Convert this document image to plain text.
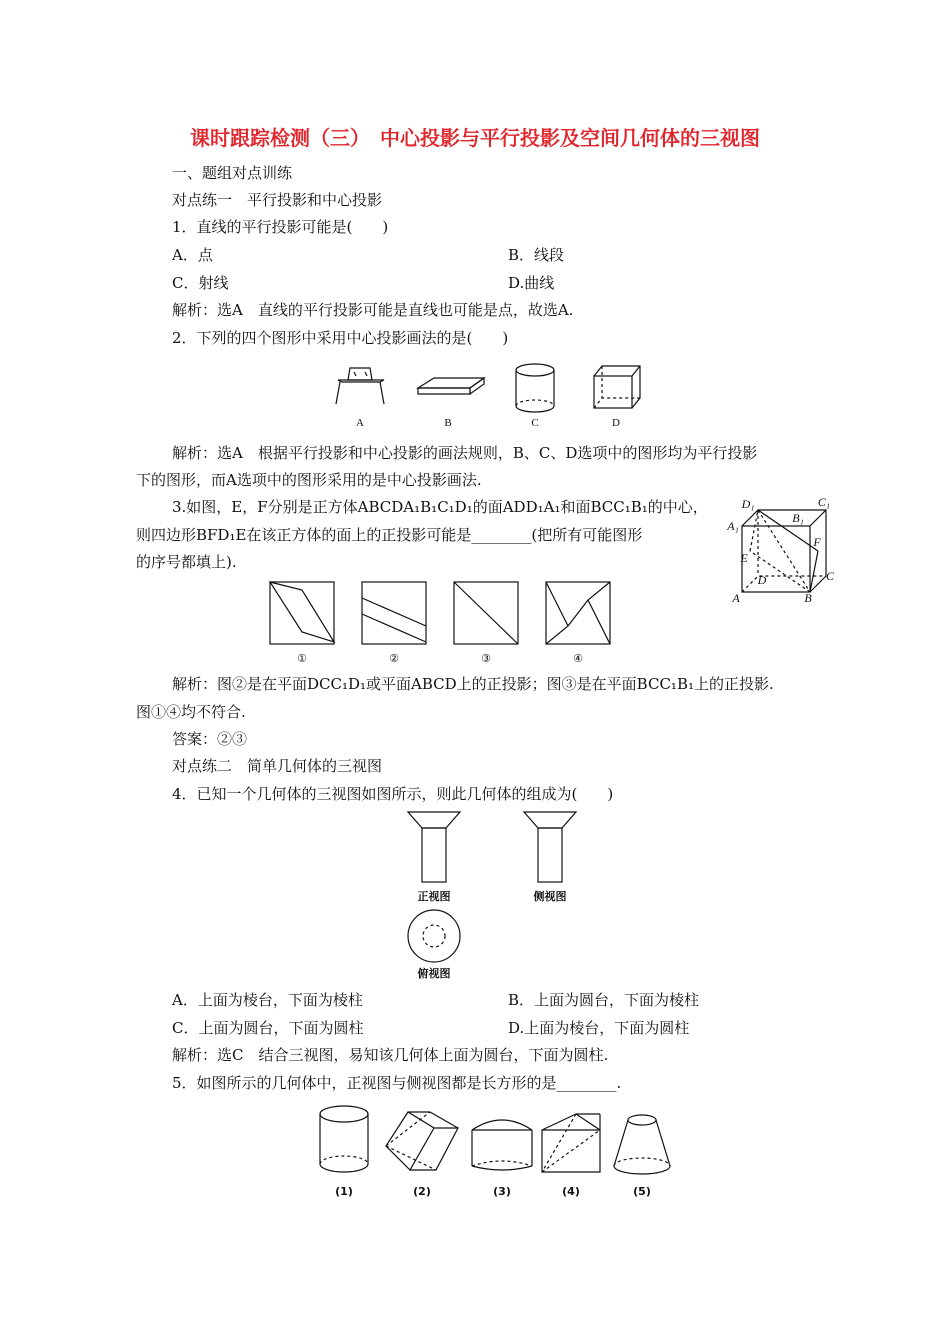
课时跟踪检测（三）　中心投影与平行投影及空间几何体的三视图
一、题组对点训练
对点练一　平行投影和中心投影
1．直线的平行投影可能是(　　)
A．点	B．线段
C．射线	D.曲线
解析：选A　直线的平行投影可能是直线也可能是点，故选A.
2．下列的四个图形中采用中心投影画法的是(　　)
A	B	C	D
解析：选A　根据平行投影和中心投影的画法规则，B、C、D选项中的图形均为平行投影
下的图形，而A选项中的图形采用的是中心投影画法.
3.如图，E，F分别是正方体ABCDA₁B₁C₁D₁的面ADD₁A₁和面BCC₁B₁的中心，
则四边形BFD₁E在该正方体的面上的正投影可能是________(把所有可能图形
的序号都填上).
D₁	C₁
A₁
B₁
F
E
D	C
A	B
①	②	③	④
解析：图②是在平面DCC₁D₁或平面ABCD上的正投影；图③是在平面BCC₁B₁上的正投影.
图①④均不符合.
答案：②③
对点练二　简单几何体的三视图
4．已知一个几何体的三视图如图所示，则此几何体的组成为(　　)
正视图	侧视图
俯视图
A．上面为棱台，下面为棱柱	B．上面为圆台，下面为棱柱
C．上面为圆台，下面为圆柱	D.上面为棱台，下面为圆柱
解析：选C　结合三视图，易知该几何体上面为圆台，下面为圆柱.
5．如图所示的几何体中，正视图与侧视图都是长方形的是________.
(1)	(2)	(3)	(4)	(5)
